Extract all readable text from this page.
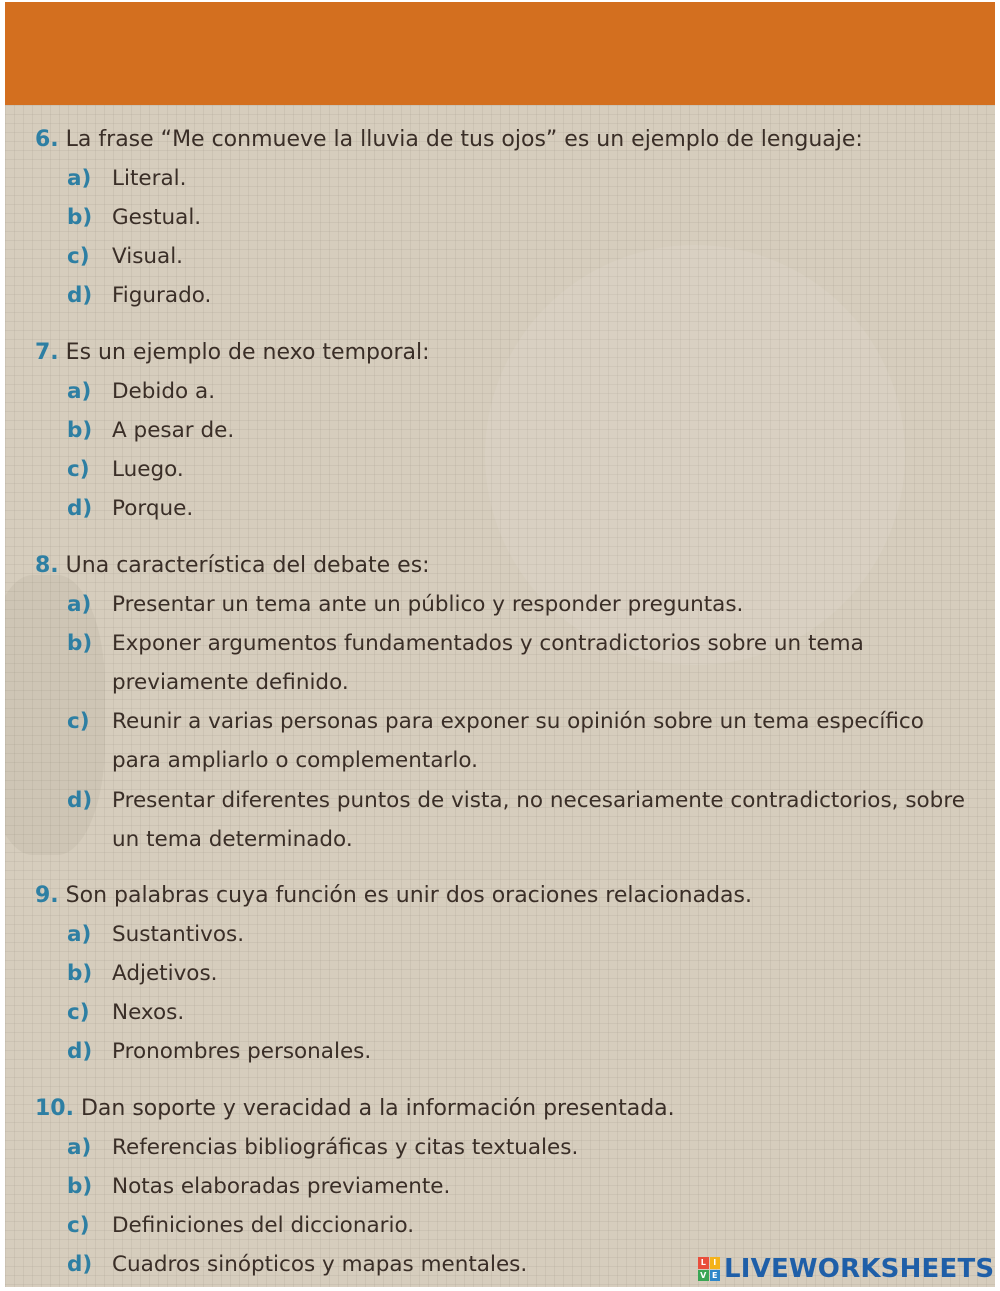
6. La frase “Me conmueve la lluvia de tus ojos” es un ejemplo de lenguaje:
a) Literal.
b) Gestual.
c) Visual.
d) Figurado.
7. Es un ejemplo de nexo temporal:
a) Debido a.
b) A pesar de.
c) Luego.
d) Porque.
8. Una característica del debate es:
a) Presentar un tema ante un público y responder preguntas.
b) Exponer argumentos fundamentados y contradictorios sobre un tema
previamente definido.
c) Reunir a varias personas para exponer su opinión sobre un tema específico
para ampliarlo o complementarlo.
d) Presentar diferentes puntos de vista, no necesariamente contradictorios, sobre
un tema determinado.
9. Son palabras cuya función es unir dos oraciones relacionadas.
a) Sustantivos.
b) Adjetivos.
c) Nexos.
d) Pronombres personales.
10. Dan soporte y veracidad a la información presentada.
a) Referencias bibliográficas y citas textuales.
b) Notas elaboradas previamente.
c) Definiciones del diccionario.
d) Cuadros sinópticos y mapas mentales.	L I
V E LIVEWORKSHEETS
